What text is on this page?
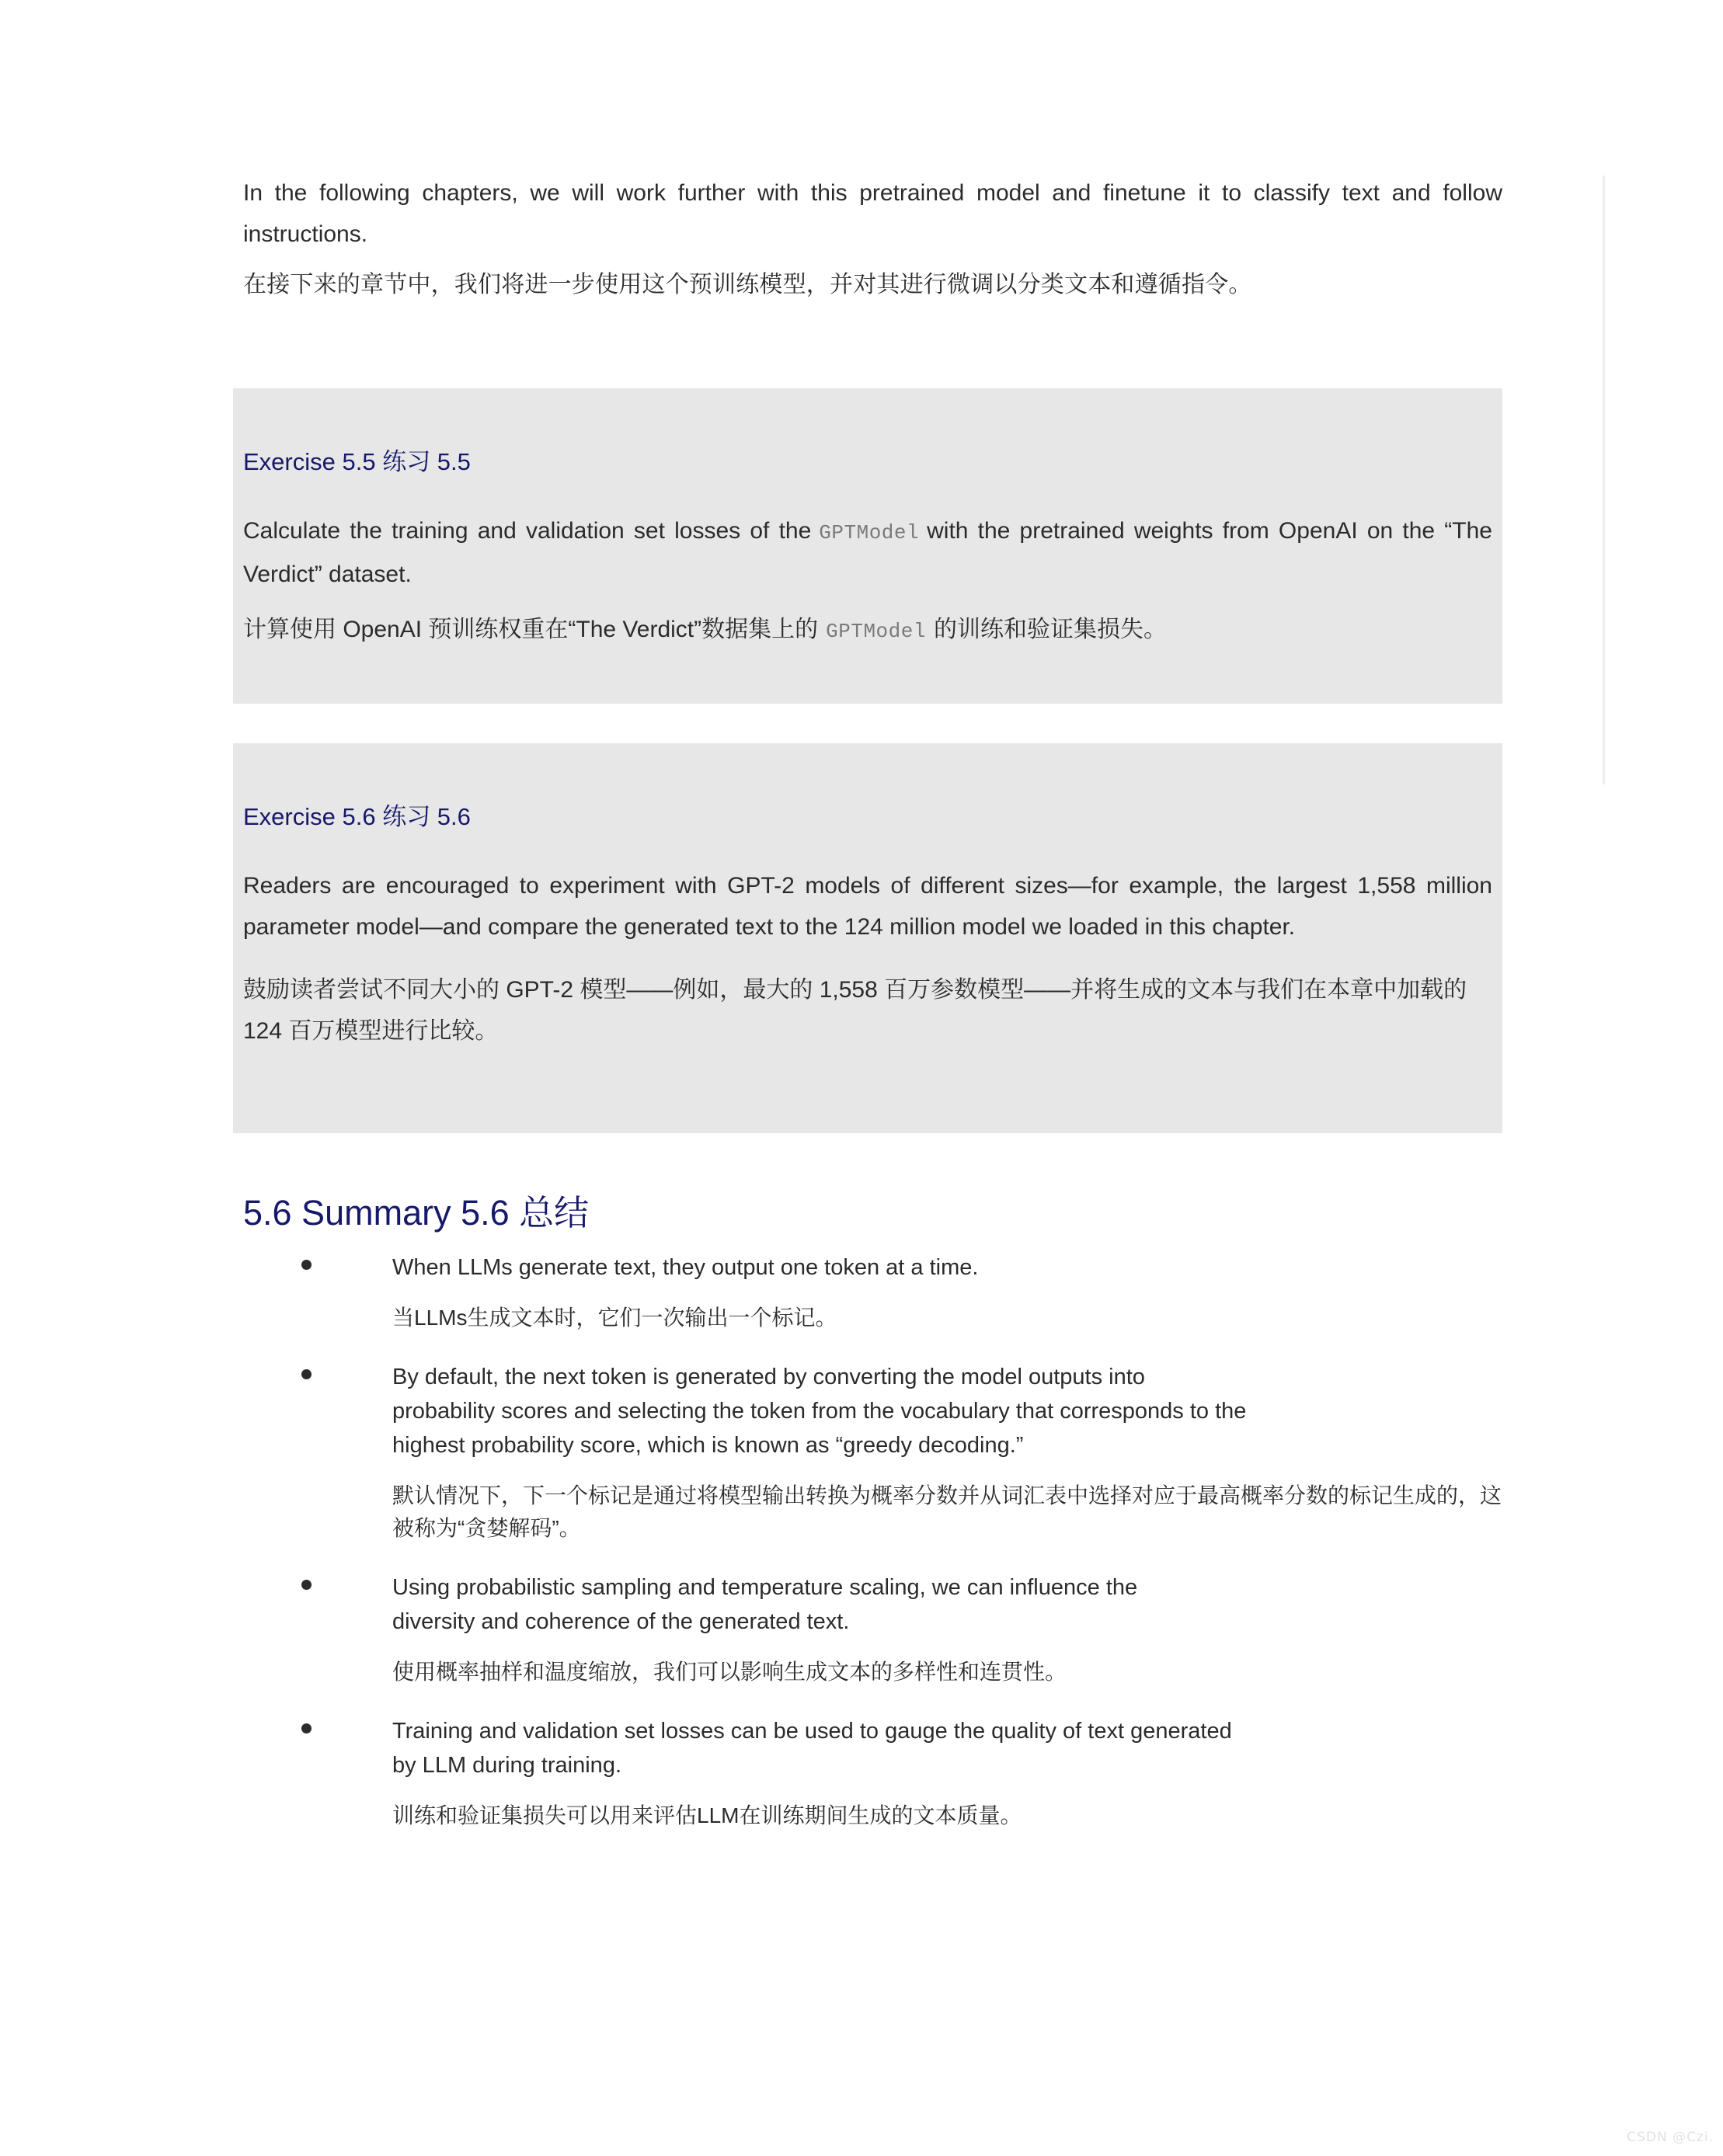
In the following chapters, we will work further with this pretrained model and finetune it to classify text and follow instructions.

在接下来的章节中，我们将进一步使用这个预训练模型，并对其进行微调以分类文本和遵循指令。

Exercise 5.5 练习 5.5

Calculate the training and validation set losses of the GPTModel with the pretrained weights from OpenAI on the “The Verdict” dataset.

计算使用 OpenAI 预训练权重在“The Verdict”数据集上的 GPTModel 的训练和验证集损失。

Exercise 5.6 练习 5.6

Readers are encouraged to experiment with GPT-2 models of different sizes—for example, the largest 1,558 million parameter model—and compare the generated text to the 124 million model we loaded in this chapter.

鼓励读者尝试不同大小的 GPT-2 模型——例如，最大的 1,558 百万参数模型——并将生成的文本与我们在本章中加载的 124 百万模型进行比较。

5.6 Summary 5.6 总结

When LLMs generate text, they output one token at a time.

当LLMs生成文本时，它们一次输出一个标记。

By default, the next token is generated by converting the model outputs into probability scores and selecting the token from the vocabulary that corresponds to the highest probability score, which is known as “greedy decoding.”

默认情况下，下一个标记是通过将模型输出转换为概率分数并从词汇表中选择对应于最高概率分数的标记生成的，这被称为“贪婪解码”。

Using probabilistic sampling and temperature scaling, we can influence the diversity and coherence of the generated text.

使用概率抽样和温度缩放，我们可以影响生成文本的多样性和连贯性。

Training and validation set losses can be used to gauge the quality of text generated by LLM during training.

训练和验证集损失可以用来评估LLM在训练期间生成的文本质量。

CSDN @Czi.
